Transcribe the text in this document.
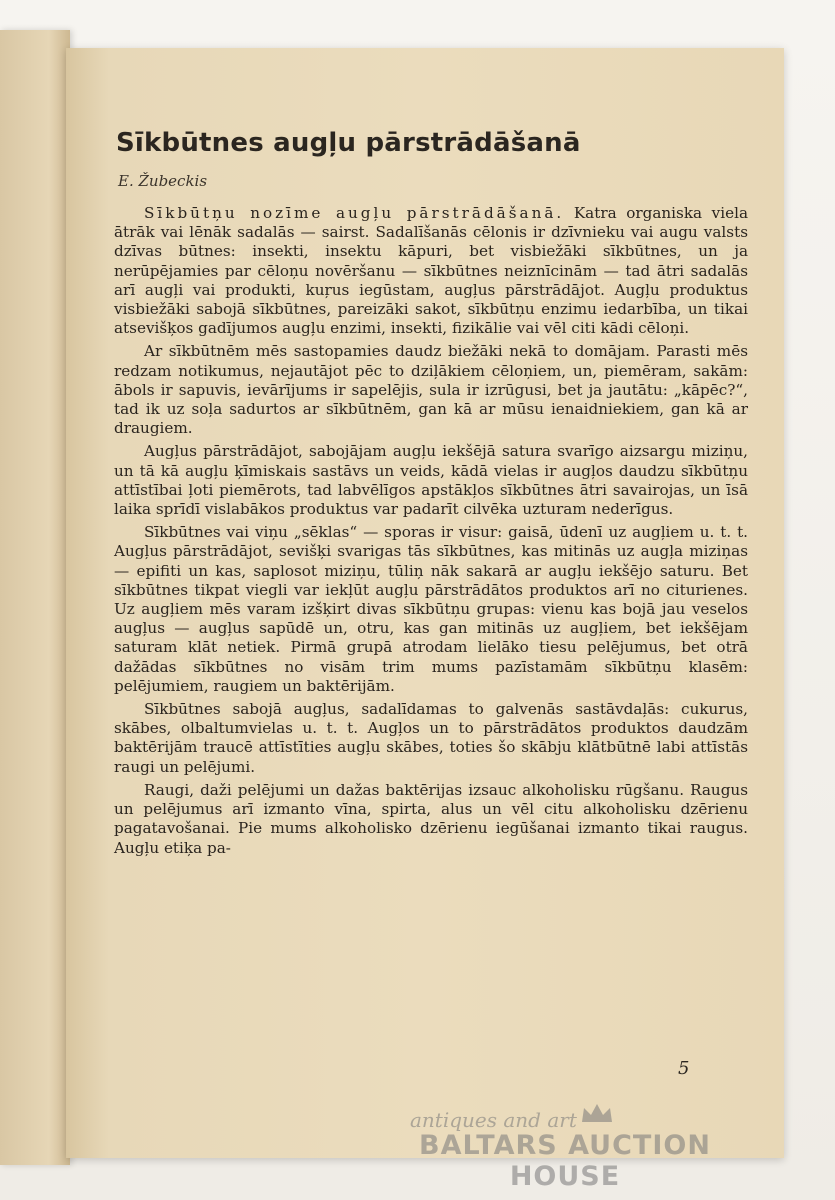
Sīkbūtnes augļu pārstrādāšanā
E. Žubeckis

Sīkbūtņu nozīme augļu pārstrādāšanā. Katra organiska viela ātrāk vai lēnāk sadalās — sairst. Sadalīšanās cēlonis ir dzīvnieku vai augu valsts dzīvas būtnes: insekti, insektu kāpuri, bet visbiežāki sīkbūtnes, un ja nerūpējamies par cēloņu novēršanu — sīkbūtnes neiznīcinām — tad ātri sadalās arī augļi vai produkti, kuŗus iegūstam, augļus pārstrādājot. Augļu produktus visbiežāki sabojā sīkbūtnes, pareizāki sakot, sīkbūtņu enzimu iedarbība, un tikai atsevišķos gadījumos augļu enzimi, insekti, fizikālie vai vēl citi kādi cēloņi.

Ar sīkbūtnēm mēs sastopamies daudz biežāki nekā to domājam. Parasti mēs redzam notikumus, nejautājot pēc to dziļākiem cēloņiem, un, piemēram, sakām: ābols ir sapuvis, ievārījums ir sapelējis, sula ir izrūgusi, bet ja jautātu: „kāpēc?“, tad ik uz soļa sadurtos ar sīkbūtnēm, gan kā ar mūsu ienaidniekiem, gan kā ar draugiem.

Augļus pārstrādājot, sabojājam augļu iekšējā satura svarīgo aizsargu miziņu, un tā kā augļu ķīmiskais sastāvs un veids, kādā vielas ir augļos daudzu sīkbūtņu attīstībai ļoti piemērots, tad labvēlīgos apstākļos sīkbūtnes ātri savairojas, un īsā laika sprīdī vislabākos produktus var padarīt cilvēka uzturam nederīgus.

Sīkbūtnes vai viņu „sēklas“ — sporas ir visur: gaisā, ūdenī uz augļiem u. t. t. Augļus pārstrādājot, sevišķi svarigas tās sīkbūtnes, kas mitinās uz augļa miziņas — epifiti un kas, saplosot miziņu, tūliņ nāk sakarā ar augļu iekšējo saturu. Bet sīkbūtnes tikpat viegli var iekļūt augļu pārstrādātos produktos arī no citurienes. Uz augļiem mēs varam izšķirt divas sīkbūtņu grupas: vienu kas bojā jau veselos augļus — augļus sapūdē un, otru, kas gan mitinās uz augļiem, bet iekšējam saturam klāt netiek. Pirmā grupā atrodam lielāko tiesu pelējumus, bet otrā dažādas sīkbūtnes no visām trim mums pazīstamām sīkbūtņu klasēm: pelējumiem, raugiem un baktērijām.

Sīkbūtnes sabojā augļus, sadalīdamas to galvenās sastāvdaļās: cukurus, skābes, olbaltumvielas u. t. t. Augļos un to pārstrādātos produktos daudzām baktērijām traucē attīstīties augļu skābes, toties šo skābju klātbūtnē labi attīstās raugi un pelējumi.

Raugi, daži pelējumi un dažas baktērijas izsauc alkoholisku rūgšanu. Raugus un pelējumus arī izmanto vīna, spirta, alus un vēl citu alkoholisku dzērienu pagatavošanai. Pie mums alkoholisko dzērienu iegūšanai izmanto tikai raugus. Augļu etiķa pa-

5
antiques and art
BALTARS AUCTION HOUSE
